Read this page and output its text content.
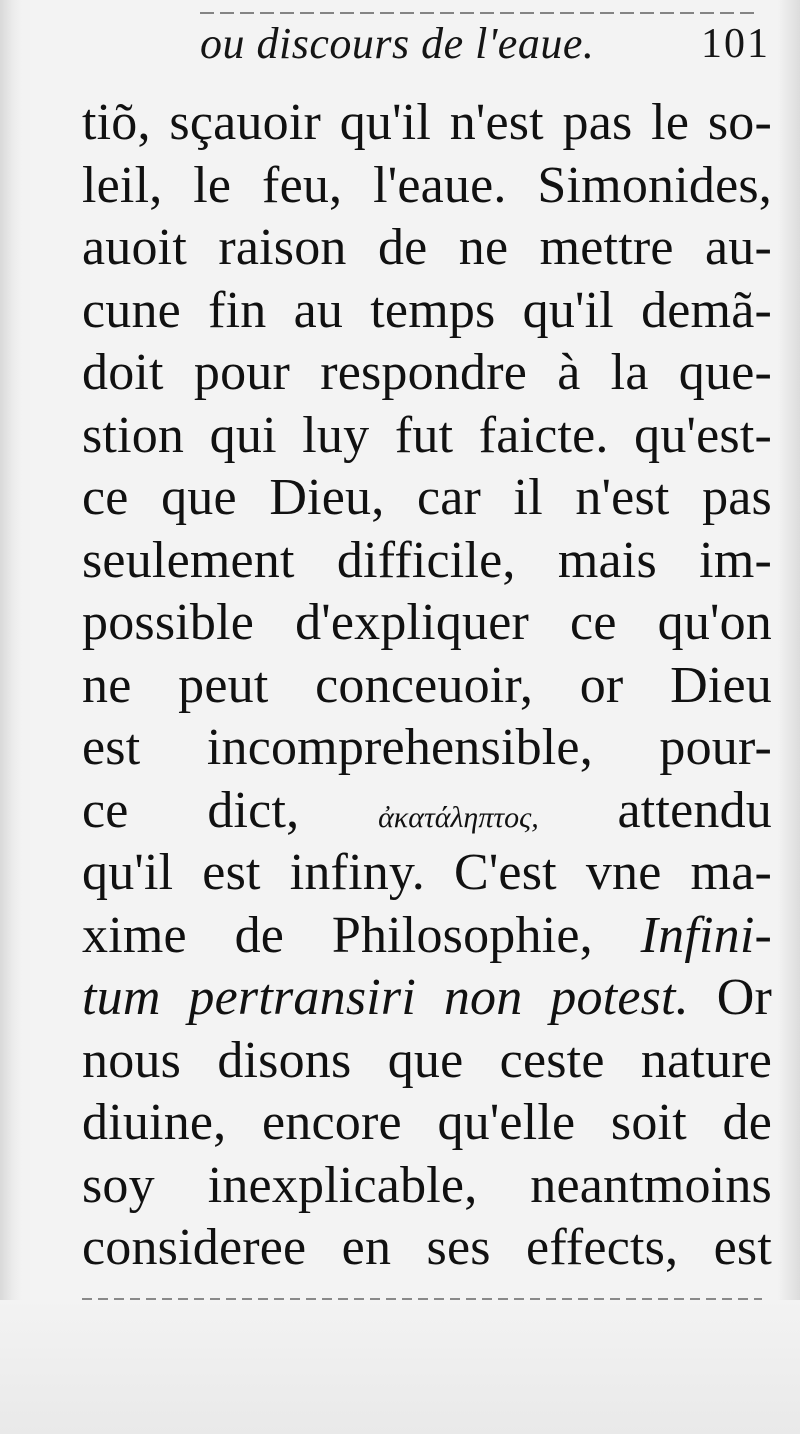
ou discours de l'eaue.	101
tiõ, sçauoir qu'il n'est pas le so-
leil, le feu, l'eaue. Simonides,
auoit raison de ne mettre au-
cune fin au temps qu'il demã-
doit pour respondre à la que-
stion qui luy fut faicte. qu'est-
ce que Dieu, car il n'est pas
seulement difficile, mais im-
possible d'expliquer ce qu'on
ne peut conceuoir, or Dieu
est incomprehensible, pour-
ce dict,	ἀκατάληπτος, attendu
qu'il est infiny. C'est vne ma-
xime de Philosophie, Infini-
tum pertransiri non potest. Or
nous disons que ceste nature
diuine, encore qu'elle soit de
soy inexplicable, neantmoins
consideree en ses effects, est
